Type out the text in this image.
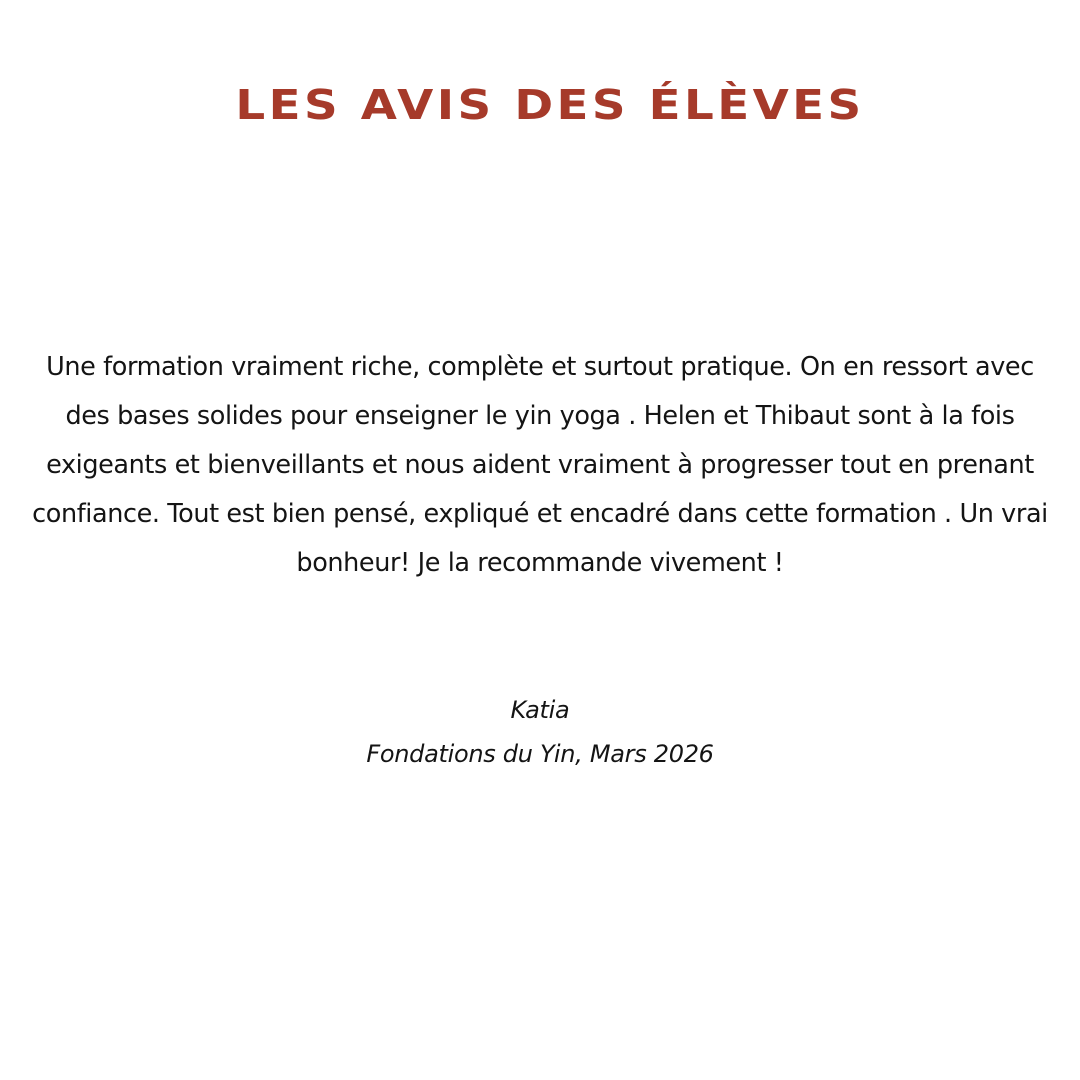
LES AVIS DES ÉLÈVES

Une formation vraiment riche, complète et surtout pratique. On en ressort avec des bases solides pour enseigner le yin yoga . Helen et Thibaut sont à la fois exigeants et bienveillants et nous aident vraiment à progresser tout en prenant confiance. Tout est bien pensé, expliqué et encadré dans cette formation . Un vrai bonheur! Je la recommande vivement !

Katia

Fondations du Yin, Mars 2026
